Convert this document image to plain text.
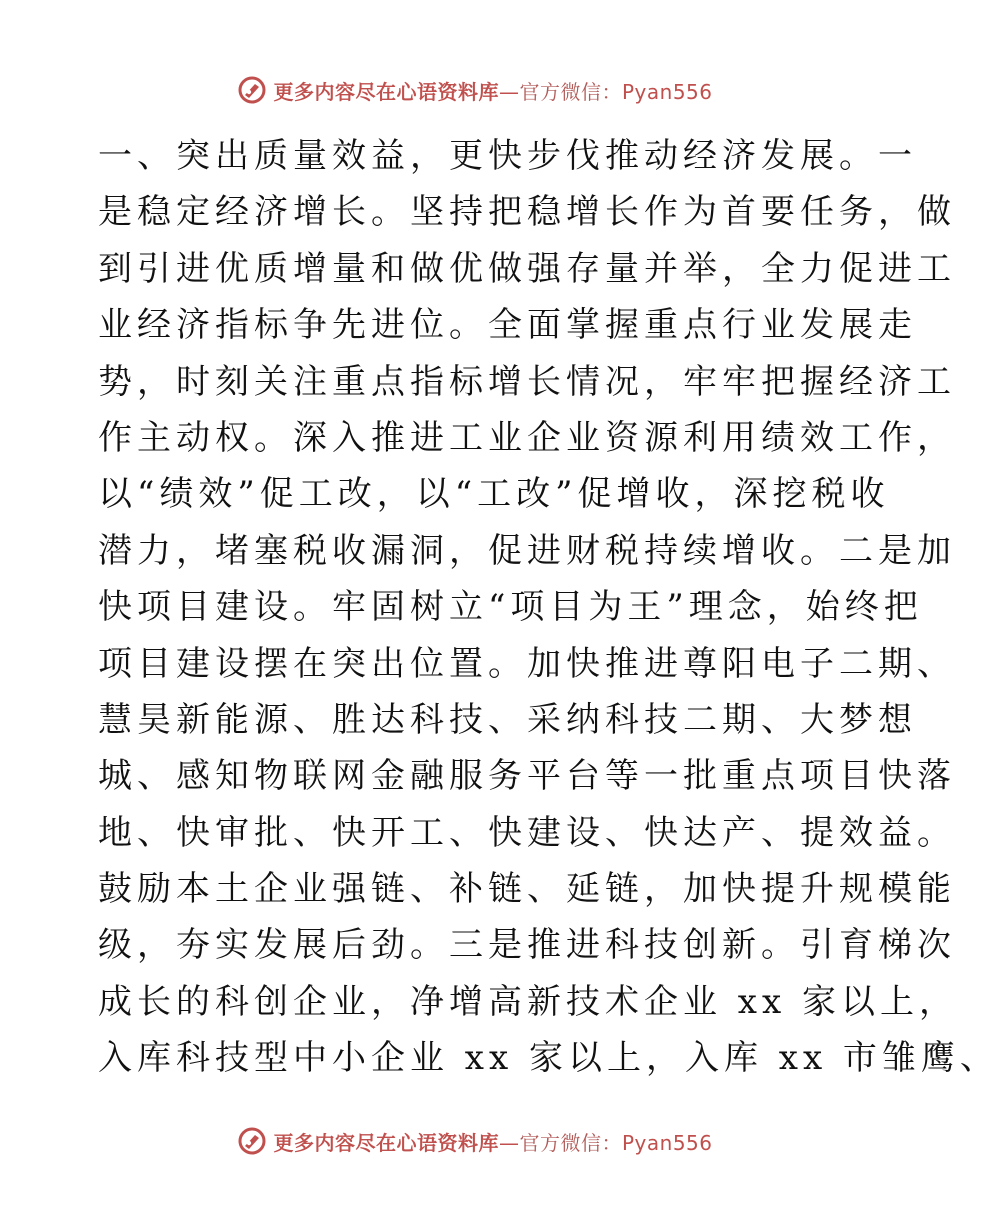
更多内容尽在心语资料库—官方微信：Pyan556
一、突出质量效益，更快步伐推动经济发展。一
是稳定经济增长。坚持把稳增长作为首要任务，做
到引进优质增量和做优做强存量并举，全力促进工
业经济指标争先进位。全面掌握重点行业发展走
势，时刻关注重点指标增长情况，牢牢把握经济工
作主动权。深入推进工业企业资源利用绩效工作，
以“绩效”促工改，以“工改”促增收，深挖税收
潜力，堵塞税收漏洞，促进财税持续增收。二是加
快项目建设。牢固树立“项目为王”理念，始终把
项目建设摆在突出位置。加快推进尊阳电子二期、
慧昊新能源、胜达科技、采纳科技二期、大梦想
城、感知物联网金融服务平台等一批重点项目快落
地、快审批、快开工、快建设、快达产、提效益。
鼓励本土企业强链、补链、延链，加快提升规模能
级，夯实发展后劲。三是推进科技创新。引育梯次
成长的科创企业，净增高新技术企业 xx 家以上，
入库科技型中小企业 xx 家以上，入库 xx 市雏鹰、
更多内容尽在心语资料库—官方微信：Pyan556
